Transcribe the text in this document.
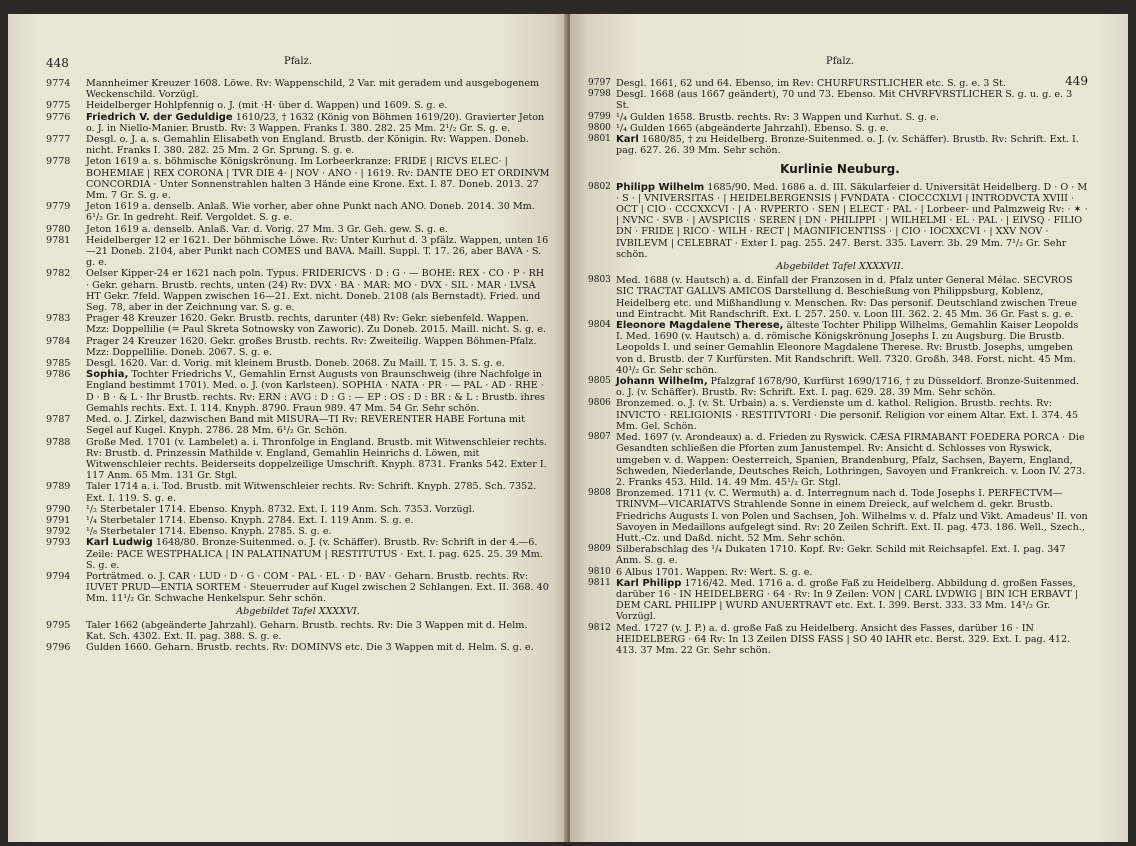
448	Pfalz.
9774 Mannheimer Kreuzer 1608. Löwe. Rv: Wappenschild, 2 Var. mit geradem und ausgebogenem Weckenschild. Vorzügl.
9775 Heidelberger Hohlpfennig o. J. (mit ·H· über d. Wappen) und 1609. S. g. e.
9776 Friedrich V. der Geduldige 1610/23, † 1632 (König von Böhmen 1619/20). Gravierter Jeton o. J. in Niello-Manier. Brustb. Rv: 3 Wappen. Franks I. 380. 282. 25 Mm. 2¹/₂ Gr. S. g. e.
9777 Desgl. o. J. a. s. Gemahlin Elisabeth von England. Brustb. der Königin. Rv: Wappen. Doneb. nicht. Franks I. 380. 282. 25 Mm. 2 Gr. Sprung. S. g. e.
9778 Jeton 1619 a. s. böhmische Königskrönung. Im Lorbeerkranze: FRIDE | RICVS ELEC· | BOHEMIAE | REX CORONA | TVR DIE 4· | NOV · ANO · | 1619. Rv: DANTE DEO ET ORDINVM CONCORDIA · Unter Sonnenstrahlen halten 3 Hände eine Krone. Ext. I. 87. Doneb. 2013. 27 Mm. 7 Gr. S. g. e.
9779 Jeton 1619 a. denselb. Anlaß. Wie vorher, aber ohne Punkt nach ANO. Doneb. 2014. 30 Mm. 6¹/₂ Gr. In gedreht. Reif. Vergoldet. S. g. e.
9780 Jeton 1619 a. denselb. Anlaß. Var. d. Vorig. 27 Mm. 3 Gr. Geh. gew. S. g. e.
9781 Heidelberger 12 er 1621. Der böhmische Löwe. Rv: Unter Kurhut d. 3 pfälz. Wappen, unten 16—21 Doneb. 2104, aber Punkt nach COMES und BAVA. Maill. Suppl. T. 17. 26, aber BAVA · S. g. e.
9782 Oelser Kipper-24 er 1621 nach poln. Typus. FRIDERICVS · D : G · — BOHE: REX · CO · P · RH · Gekr. geharn. Brustb. rechts, unten (24) Rv: DVX · BA · MAR: MO · DVX · SIL · MAR · LVSA HT Gekr. 7feld. Wappen zwischen 16—21. Ext. nicht. Doneb. 2108 (als Bernstadt). Fried. und Seg. 78, aber in der Zeichnung var. S. g. e.
9783 Prager 48 Kreuzer 1620. Gekr. Brustb. rechts, darunter (48) Rv: Gekr. siebenfeld. Wappen. Mzz: Doppellilie (= Paul Skreta Sotnowsky von Zaworic). Zu Doneb. 2015. Maill. nicht. S. g. e.
9784 Prager 24 Kreuzer 1620. Gekr. großes Brustb. rechts. Rv: Zweiteilig. Wappen Böhmen-Pfalz. Mzz: Doppellilie. Doneb. 2067. S. g. e.
9785 Desgl. 1620. Var. d. Vorig. mit kleinem Brustb. Doneb. 2068. Zu Maill. T. 15. 3. S. g. e.
9786 Sophia, Tochter Friedrichs V., Gemahlin Ernst Augusts von Braunschweig (ihre Nachfolge in England bestimmt 1701). Med. o. J. (von Karlsteen). SOPHIA · NATA · PR · — PAL · AD · RHE · D · B · & L · Ihr Brustb. rechts. Rv: ERN : AVG : D : G : — EP : OS : D : BR : & L : Brustb. ihres Gemahls rechts. Ext. I. 114. Knyph. 8790. Fraun 989. 47 Mm. 54 Gr. Sehr schön.
9787 Med. o. J. Zirkel, dazwischen Band mit MISURA—TI Rv: REVERENTER HABE Fortuna mit Segel auf Kugel. Knyph. 2786. 28 Mm. 6¹/₂ Gr. Schön.
9788 Große Med. 1701 (v. Lambelet) a. i. Thronfolge in England. Brustb. mit Witwenschleier rechts. Rv: Brustb. d. Prinzessin Mathilde v. England, Gemahlin Heinrichs d. Löwen, mit Witwenschleier rechts. Beiderseits doppelzeilige Umschrift. Knyph. 8731. Franks 542. Exter I. 117 Anm. 65 Mm. 131 Gr. Stgl.
9789 Taler 1714 a. i. Tod. Brustb. mit Witwenschleier rechts. Rv: Schrift. Knyph. 2785. Sch. 7352. Ext. I. 119. S. g. e.
9790 ¹/₂ Sterbetaler 1714. Ebenso. Knyph. 8732. Ext. I. 119 Anm. Sch. 7353. Vorzügl.
9791 ¹/₄ Sterbetaler 1714. Ebenso. Knyph. 2784. Ext. I. 119 Anm. S. g. e.
9792 ¹/₈ Sterbetaler 1714. Ebenso. Knyph. 2785. S. g. e.
9793 Karl Ludwig 1648/80. Bronze-Suitenmed. o. J. (v. Schäffer). Brustb. Rv: Schrift in der 4.—6. Zeile: PACE WESTPHALICA | IN PALATINATUM | RESTITUTUS · Ext. I. pag. 625. 25. 39 Mm. S. g. e.
9794 Porträtmed. o. J. CAR · LUD · D · G · COM · PAL · EL · D · BAV · Geharn. Brustb. rechts. Rv: IUVET PRUD—ENTIA SORTEM · Steuerruder auf Kugel zwischen 2 Schlangen. Ext. II. 368. 40 Mm. 11¹/₂ Gr. Schwache Henkelspur. Sehr schön.
Abgebildet Tafel XXXXVI.
9795 Taler 1662 (abgeänderte Jahrzahl). Geharn. Brustb. rechts. Rv: Die 3 Wappen mit d. Helm. Kat. Sch. 4302. Ext. II. pag. 388. S. g. e.
9796 Gulden 1660. Geharn. Brustb. rechts. Rv: DOMINVS etc. Die 3 Wappen mit d. Helm. S. g. e.
Pfalz.
449
9797 Desgl. 1661, 62 und 64. Ebenso, im Rev: CHURFURSTLICHER etc. S. g. e. 3 St.
9798 Desgl. 1668 (aus 1667 geändert), 70 und 73. Ebenso. Mit CHVRFVRSTLICHER S. g. u. g. e. 3 St.
9799 ¹/₄ Gulden 1658. Brustb. rechts. Rv: 3 Wappen und Kurhut. S. g. e.
9800 ¹/₄ Gulden 1665 (abgeänderte Jahrzahl). Ebenso. S. g. e.
9801 Karl 1680/85, † zu Heidelberg. Bronze-Suitenmed. o. J. (v. Schäffer). Brustb. Rv: Schrift. Ext. I. pag. 627. 26. 39 Mm. Sehr schön.
Kurlinie Neuburg.
9802 Philipp Wilhelm 1685/90. Med. 1686 a. d. III. Säkularfeier d. Universität Heidelberg. D · O · M · S · | VNIVERSITAS · | HEIDELBERGENSIS | FVNDATA · CIOCCCXLVI | INTRODVCTA XVIII · OCT | CIO · CCCXXCVI · | A · RVPERTO · SEN | ELECT · PAL · | Lorbeer- und Palmzweig Rv: · ✶ · | NVNC · SVB · | AVSPICIIS · SEREN | DN · PHILIPPI · | WILHELMI · EL · PAL · | EIVSQ · FILIO DN · FRIDE | RICO · WILH · RECT | MAGNIFICENTISS · | CIO · IOCXXCVI · | XXV NOV · IVBILEVM | CELEBRAT · Exter I. pag. 255. 247. Berst. 335. Laverr. 3b. 29 Mm. 7¹/₂ Gr. Sehr schön.
Abgebildet Tafel XXXXVII.
9803 Med. 1688 (v. Hautsch) a. d. Einfall der Franzosen in d. Pfalz unter General Mélac. SECVROS SIC TRACTAT GALLVS AMICOS Darstellung d. Beschießung von Philippsburg, Koblenz, Heidelberg etc. und Mißhandlung v. Menschen. Rv: Das personif. Deutschland zwischen Treue und Eintracht. Mit Randschrift. Ext. I. 257. 250. v. Loon III. 362. 2. 45 Mm. 36 Gr. Fast s. g. e.
9804 Eleonore Magdalene Therese, älteste Tochter Philipp Wilhelms, Gemahlin Kaiser Leopolds I. Med. 1690 (v. Hautsch) a. d. römische Königskrönung Josephs I. zu Augsburg. Die Brustb. Leopolds I. und seiner Gemahlin Eleonore Magdalene Therese. Rv: Brustb. Josephs, umgeben von d. Brustb. der 7 Kurfürsten. Mit Randschrift. Well. 7320. Großh. 348. Forst. nicht. 45 Mm. 40¹/₂ Gr. Sehr schön.
9805 Johann Wilhelm, Pfalzgraf 1678/90, Kurfürst 1690/1716, † zu Düsseldorf. Bronze-Suitenmed. o. J. (v. Schäffer). Brustb. Rv: Schrift. Ext. I. pag. 629. 28. 39 Mm. Sehr schön.
9806 Bronzemed. o. J. (v. St. Urbain) a. s. Verdienste um d. kathol. Religion. Brustb. rechts. Rv: INVICTO · RELIGIONIS · RESTITVTORI · Die personif. Religion vor einem Altar. Ext. I. 374. 45 Mm. Gel. Schön.
9807 Med. 1697 (v. Arondeaux) a. d. Frieden zu Ryswick. CÆSA FIRMABANT FOEDERA PORCA · Die Gesandten schließen die Pforten zum Janustempel. Rv: Ansicht d. Schlosses von Ryswick, umgeben v. d. Wappen: Oesterreich, Spanien, Brandenburg, Pfalz, Sachsen, Bayern, England, Schweden, Niederlande, Deutsches Reich, Lothringen, Savoyen und Frankreich. v. Loon IV. 273. 2. Franks 453. Hild. 14. 49 Mm. 45¹/₂ Gr. Stgl.
9808 Bronzemed. 1711 (v. C. Wermuth) a. d. Interregnum nach d. Tode Josephs I. PERFECTVM—TRINVM—VICARIATVS Strahlende Sonne in einem Dreieck, auf welchem d. gekr. Brustb. Friedrichs Augusts I. von Polen und Sachsen, Joh. Wilhelms v. d. Pfalz und Vikt. Amadeus' II. von Savoyen in Medaillons aufgelegt sind. Rv: 20 Zeilen Schrift. Ext. II. pag. 473. 186. Well., Szech., Hutt.-Cz. und Daßd. nicht. 52 Mm. Sehr schön.
9809 Silberabschlag des ¹/₄ Dukaten 1710. Kopf. Rv: Gekr. Schild mit Reichsapfel. Ext. I. pag. 347 Anm. S. g. e.
9810 6 Albus 1701. Wappen. Rv: Wert. S. g. e.
9811 Karl Philipp 1716/42. Med. 1716 a. d. große Faß zu Heidelberg. Abbildung d. großen Fasses, darüber 16 · IN HEIDELBERG · 64 · Rv: In 9 Zeilen: VON | CARL LVDWIG | BIN ICH ERBAVT | DEM CARL PHILIPP | WURD ANUERTRAVT etc. Ext. I. 399. Berst. 333. 33 Mm. 14¹/₂ Gr. Vorzügl.
9812 Med. 1727 (v. J. P.) a. d. große Faß zu Heidelberg. Ansicht des Fasses, darüber 16 · IN HEIDELBERG · 64 Rv: In 13 Zeilen DISS FASS | SO 40 IAHR etc. Berst. 329. Ext. I. pag. 412. 413. 37 Mm. 22 Gr. Sehr schön.
